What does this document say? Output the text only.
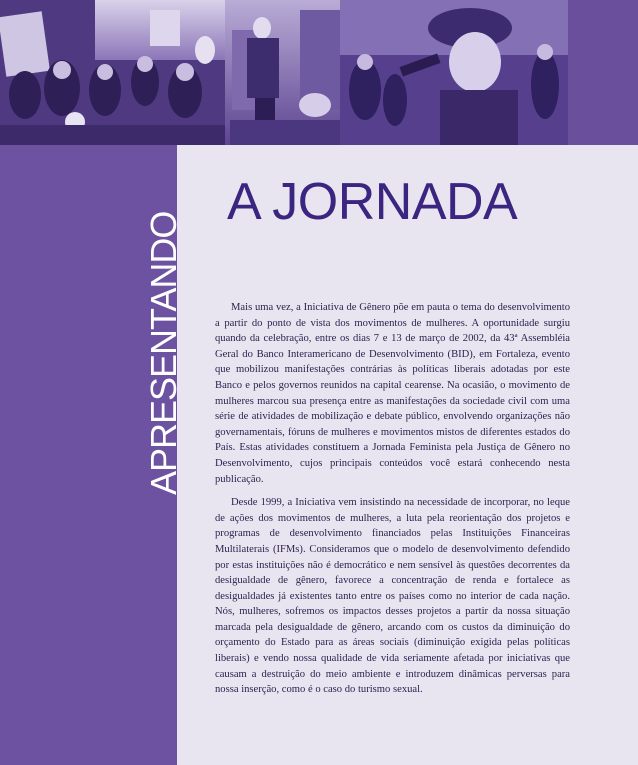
APRESENTANDO
A JORNADA

Mais uma vez, a Iniciativa de Gênero põe em pauta o tema do desenvolvimento a partir do ponto de vista dos movimentos de mulheres. A oportunidade surgiu quando da celebração, entre os dias 7 e 13 de março de 2002, da 43ª Assembléia Geral do Banco Interamericano de Desenvolvimento (BID), em Fortaleza, evento que mobilizou manifestações contrárias às políticas liberais adotadas por este Banco e pelos governos reunidos na capital cearense. Na ocasião, o movimento de mulheres marcou sua presença entre as manifestações da sociedade civil com uma série de atividades de mobilização e debate público, envolvendo organizações não governamentais, fóruns de mulheres e movimentos mistos de diferentes estados do País. Estas atividades constituem a Jornada Feminista pela Justiça de Gênero no Desenvolvimento, cujos principais conteúdos você estará conhecendo nesta publicação.

Desde 1999, a Iniciativa vem insistindo na necessidade de incorporar, no leque de ações dos movimentos de mulheres, a luta pela reorientação dos projetos e programas de desenvolvimento financiados pelas Instituições Financeiras Multilaterais (IFMs). Consideramos que o modelo de desenvolvimento defendido por estas instituições não é democrático e nem sensível às questões decorrentes da desigualdade de gênero, favorece a concentração de renda e fortalece as desigualdades já existentes tanto entre os países como no interior de cada nação. Nós, mulheres, sofremos os impactos desses projetos a partir da nossa situação marcada pela desigualdade de gênero, arcando com os custos da diminuição do orçamento do Estado para as áreas sociais (diminuição exigida pelas políticas liberais) e vendo nossa qualidade de vida seriamente afetada por iniciativas que causam a destruição do meio ambiente e introduzem dinâmicas perversas para nossa inserção, como é o caso do turismo sexual.
